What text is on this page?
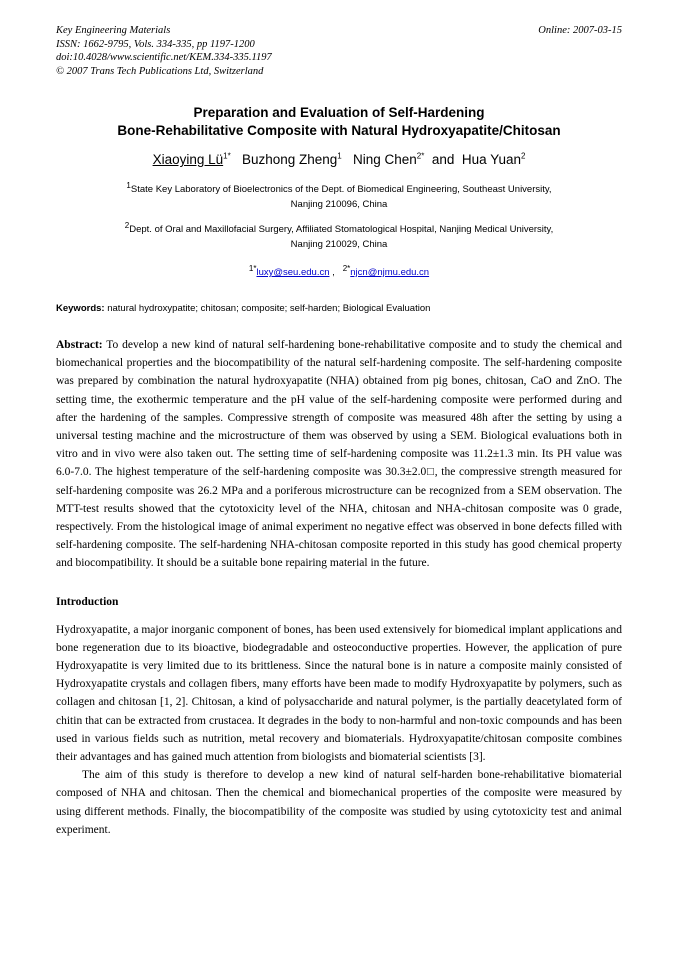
Online: 2007-03-15
Key Engineering Materials
ISSN: 1662-9795, Vols. 334-335, pp 1197-1200
doi:10.4028/www.scientific.net/KEM.334-335.1197
© 2007 Trans Tech Publications Ltd, Switzerland
Preparation and Evaluation of Self-Hardening
Bone-Rehabilitative Composite with Natural Hydroxyapatite/Chitosan
Xiaoying $Lü^{1*}$ Buzhong Zheng$^1$ Ning Chen$^{2*}$ and Hua Yuan$^2$
$^1$State Key Laboratory of Bioelectronics of the Dept. of Biomedical Engineering, Southeast University,
Nanjing 210096, China
$^2$Dept. of Oral and Maxillofacial Surgery, Affiliated Stomatological Hospital, Nanjing Medical University,
Nanjing 210029, China
$^{1*}$luxy@seu.edu.cn , $^{2*}$njcn@njmu.edu.cn
Keywords: natural hydroxypatite; chitosan; composite; self-harden; Biological Evaluation
Abstract: To develop a new kind of natural self-hardening bone-rehabilitative composite and to study the chemical and biomechanical properties and the biocompatibility of the natural self-hardening composite. The self-hardening composite was prepared by combination the natural hydroxyapatite (NHA) obtained from pig bones, chitosan, CaO and ZnO. The setting time, the exothermic temperature and the pH value of the self-hardening composite were performed during and after the hardening of the samples. Compressive strength of composite was measured 48h after the setting by using a universal testing machine and the microstructure of them was observed by using a SEM. Biological evaluations both in vitro and in vivo were also taken out. The setting time of self-hardening composite was 11.2±1.3 min. Its PH value was 6.0-7.0. The highest temperature of the self-hardening composite was 30.3±2.0□, the compressive strength measured for self-hardening composite was 26.2 MPa and a poriferous microstructure can be recognized from a SEM observation. The MTT-test results showed that the cytotoxicity level of the NHA, chitosan and NHA-chitosan composite was 0 grade, respectively. From the histological image of animal experiment no negative effect was observed in bone defects filled with self-hardening composite. The self-hardening NHA-chitosan composite reported in this study has good chemical property and biocompatibility. It should be a suitable bone repairing material in the future.
Introduction
Hydroxyapatite, a major inorganic component of bones, has been used extensively for biomedical implant applications and bone regeneration due to its bioactive, biodegradable and osteoconductive properties. However, the application of pure Hydroxyapatite is very limited due to its brittleness. Since the natural bone is in nature a composite mainly consisted of Hydroxyapatite crystals and collagen fibers, many efforts have been made to modify Hydroxyapatite by polymers, such as collagen and chitosan [1, 2]. Chitosan, a kind of polysaccharide and natural polymer, is the partially deacetylated form of chitin that can be extracted from crustacea. It degrades in the body to non-harmful and non-toxic compounds and has been used in various fields such as nutrition, metal recovery and biomaterials. Hydroxyapatite/chitosan composite combines their advantages and has gained much attention from biologists and biomaterial scientists [3].
The aim of this study is therefore to develop a new kind of natural self-harden bone-rehabilitative biomaterial composed of NHA and chitosan. Then the chemical and biomechanical properties of the composite were measured by using different methods. Finally, the biocompatibility of the composite was studied by using cytotoxicity test and animal experiment.
